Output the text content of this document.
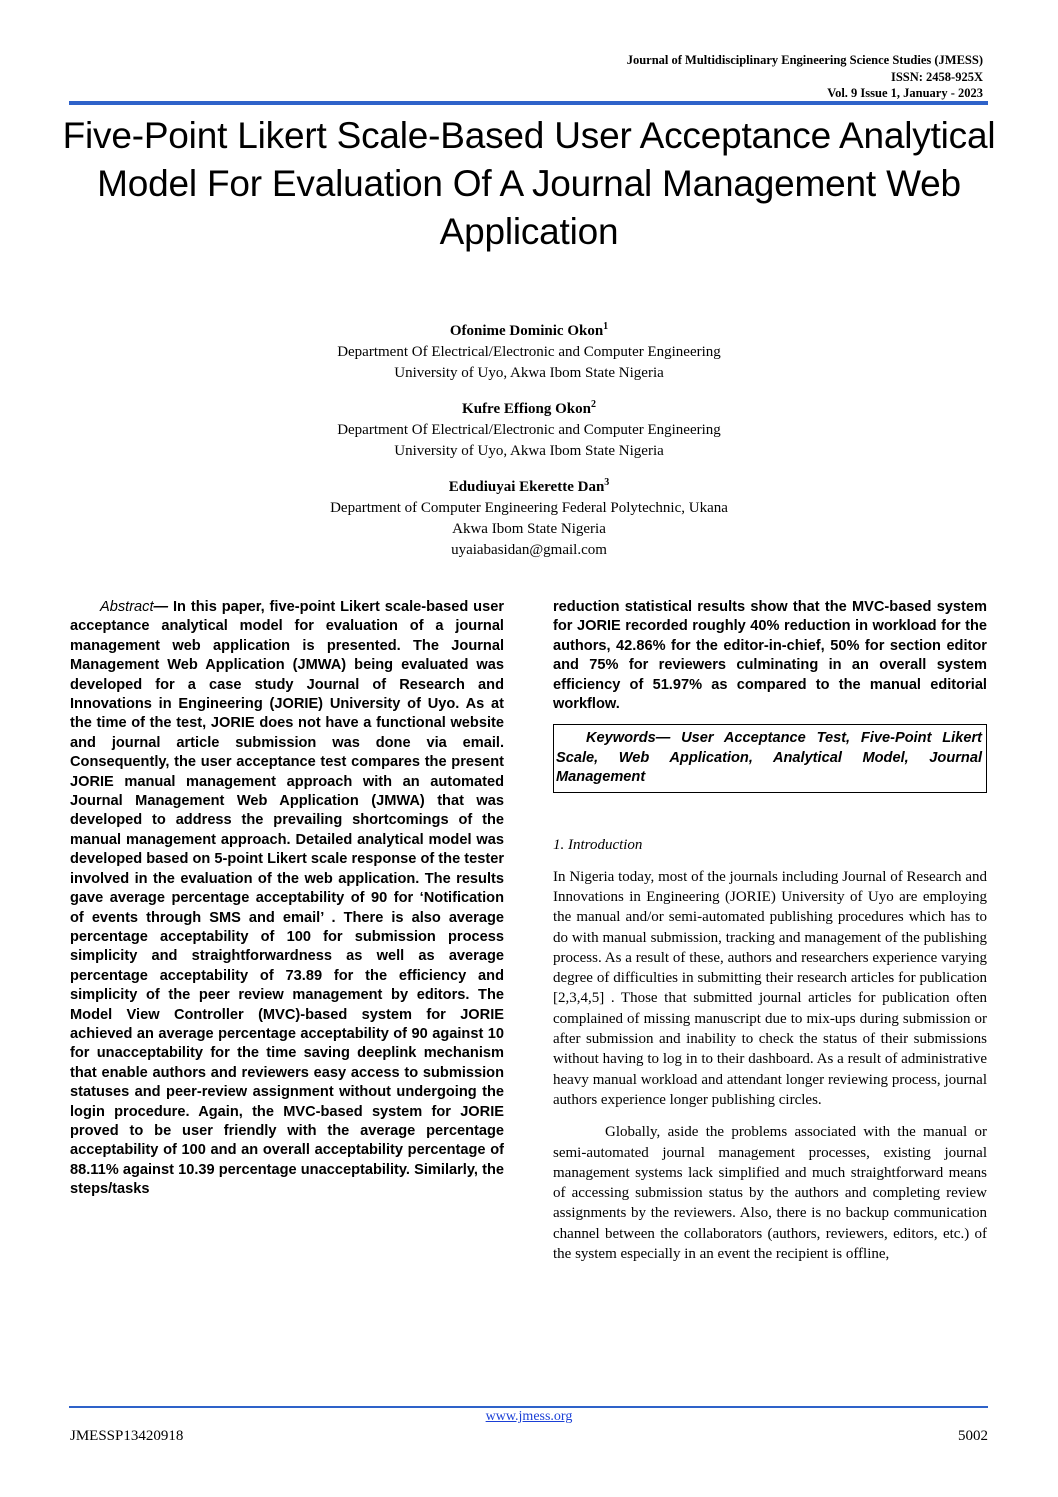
Journal of Multidisciplinary Engineering Science Studies (JMESS)
ISSN: 2458-925X
Vol. 9 Issue 1, January - 2023
Five-Point Likert Scale-Based User Acceptance Analytical Model For Evaluation Of A Journal Management Web Application
Ofonime Dominic Okon$^1$
Department Of Electrical/Electronic and Computer Engineering
University of Uyo, Akwa Ibom State Nigeria
Kufre Effiong Okon$^2$
Department Of Electrical/Electronic and Computer Engineering
University of Uyo, Akwa Ibom State Nigeria
Edudiuyai Ekerette Dan$^3$
Department of Computer Engineering Federal Polytechnic, Ukana
Akwa Ibom State Nigeria
uyaiabasidan@gmail.com
Abstract— In this paper, five-point Likert scale-based user acceptance analytical model for evaluation of a journal management web application is presented. The Journal Management Web Application (JMWA) being evaluated was developed for a case study Journal of Research and Innovations in Engineering (JORIE) University of Uyo. As at the time of the test, JORIE does not have a functional website and journal article submission was done via email. Consequently, the user acceptance test compares the present JORIE manual management approach with an automated Journal Management Web Application (JMWA) that was developed to address the prevailing shortcomings of the manual management approach. Detailed analytical model was developed based on 5-point Likert scale response of the tester involved in the evaluation of the web application. The results gave average percentage acceptability of 90 for ‘Notification of events through SMS and email’ . There is also average percentage acceptability of 100 for submission process simplicity and straightforwardness as well as average percentage acceptability of 73.89 for the efficiency and simplicity of the peer review management by editors. The Model View Controller (MVC)-based system for JORIE achieved an average percentage acceptability of 90 against 10 for unacceptability for the time saving deeplink mechanism that enable authors and reviewers easy access to submission statuses and peer-review assignment without undergoing the login procedure. Again, the MVC-based system for JORIE proved to be user friendly with the average percentage acceptability of 100 and an overall acceptability percentage of 88.11% against 10.39 percentage unacceptability. Similarly, the steps/tasks
reduction statistical results show that the MVC-based system for JORIE recorded roughly 40% reduction in workload for the authors, 42.86% for the editor-in-chief, 50% for section editor and 75% for reviewers culminating in an overall system efficiency of 51.97% as compared to the manual editorial workflow.
Keywords— User Acceptance Test, Five-Point Likert Scale, Web Application, Analytical Model, Journal Management
1. Introduction
In Nigeria today, most of the journals including Journal of Research and Innovations in Engineering (JORIE) University of Uyo are employing the manual and/or semi-automated publishing procedures which has to do with manual submission, tracking and management of the publishing process. As a result of these, authors and researchers experience varying degree of difficulties in submitting their research articles for publication [2,3,4,5] . Those that submitted journal articles for publication often complained of missing manuscript due to mix-ups during submission or after submission and inability to check the status of their submissions without having to log in to their dashboard. As a result of administrative heavy manual workload and attendant longer reviewing process, journal authors experience longer publishing circles.
Globally, aside the problems associated with the manual or semi-automated journal management processes, existing journal management systems lack simplified and much straightforward means of accessing submission status by the authors and completing review assignments by the reviewers. Also, there is no backup communication channel between the collaborators (authors, reviewers, editors, etc.) of the system especially in an event the recipient is offline,
www.jmess.org
JMESSP13420918	5002
